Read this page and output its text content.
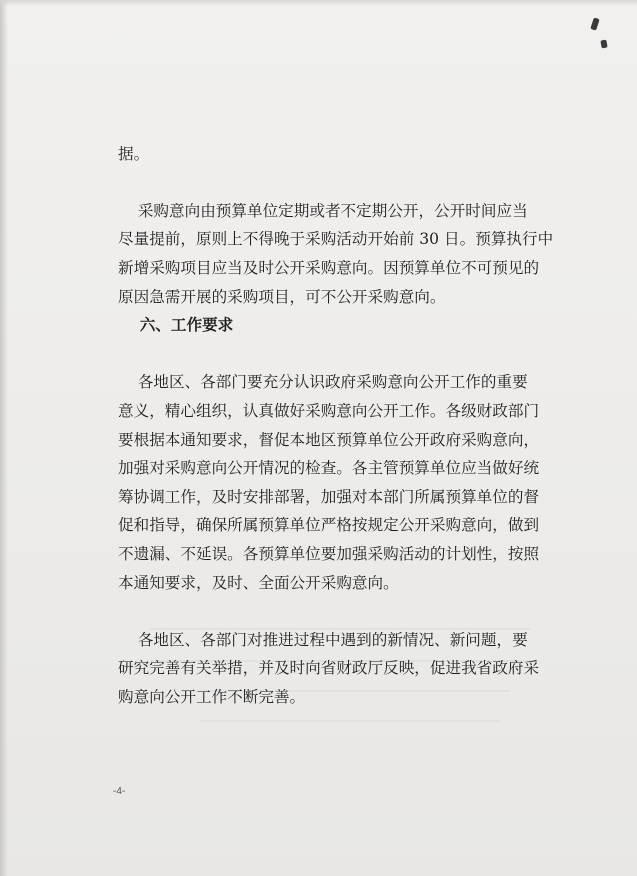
据。

采购意向由预算单位定期或者不定期公开，公开时间应当
尽量提前，原则上不得晚于采购活动开始前 30 日。预算执行中
新增采购项目应当及时公开采购意向。因预算单位不可预见的
原因急需开展的采购项目，可不公开采购意向。

六、工作要求

各地区、各部门要充分认识政府采购意向公开工作的重要
意义，精心组织，认真做好采购意向公开工作。各级财政部门
要根据本通知要求，督促本地区预算单位公开政府采购意向，
加强对采购意向公开情况的检查。各主管预算单位应当做好统
筹协调工作，及时安排部署，加强对本部门所属预算单位的督
促和指导，确保所属预算单位严格按规定公开采购意向，做到
不遗漏、不延误。各预算单位要加强采购活动的计划性，按照
本通知要求，及时、全面公开采购意向。

各地区、各部门对推进过程中遇到的新情况、新问题，要
研究完善有关举措，并及时向省财政厅反映，促进我省政府采
购意向公开工作不断完善。

-4-
